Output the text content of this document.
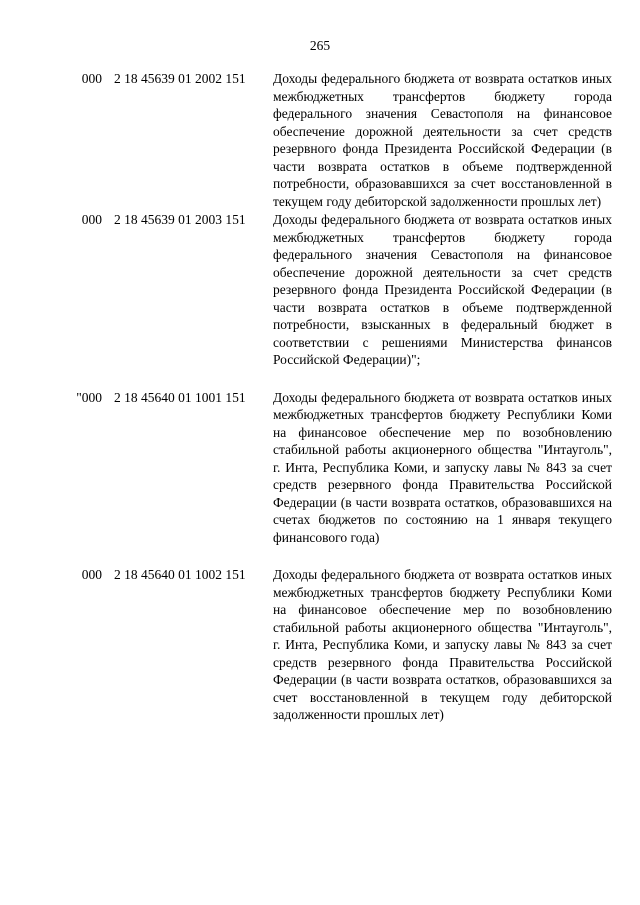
265
000 2 18 45639 01 2002 151	Доходы федерального бюджета от возврата остатков иных межбюджетных трансфертов бюджету города федерального значения Севастополя на финансовое обеспечение дорожной деятельности за счет средств резервного фонда Президента Российской Федерации (в части возврата остатков в объеме подтвержденной потребности, образовавшихся за счет восстановленной в текущем году дебиторской задолженности прошлых лет)
000 2 18 45639 01 2003 151	Доходы федерального бюджета от возврата остатков иных межбюджетных трансфертов бюджету города федерального значения Севастополя на финансовое обеспечение дорожной деятельности за счет средств резервного фонда Президента Российской Федерации (в части возврата остатков в объеме подтвержденной потребности, взысканных в федеральный бюджет в соответствии с решениями Министерства финансов Российской Федерации)";
"000 2 18 45640 01 1001 151	Доходы федерального бюджета от возврата остатков иных межбюджетных трансфертов бюджету Республики Коми на финансовое обеспечение мер по возобновлению стабильной работы акционерного общества "Интауголь", г. Инта, Республика Коми, и запуску лавы № 843 за счет средств резервного фонда Правительства Российской Федерации (в части возврата остатков, образовавшихся на счетах бюджетов по состоянию на 1 января текущего финансового года)
000 2 18 45640 01 1002 151	Доходы федерального бюджета от возврата остатков иных межбюджетных трансфертов бюджету Республики Коми на финансовое обеспечение мер по возобновлению стабильной работы акционерного общества "Интауголь", г. Инта, Республика Коми, и запуску лавы № 843 за счет средств резервного фонда Правительства Российской Федерации (в части возврата остатков, образовавшихся за счет восстановленной в текущем году дебиторской задолженности прошлых лет)
